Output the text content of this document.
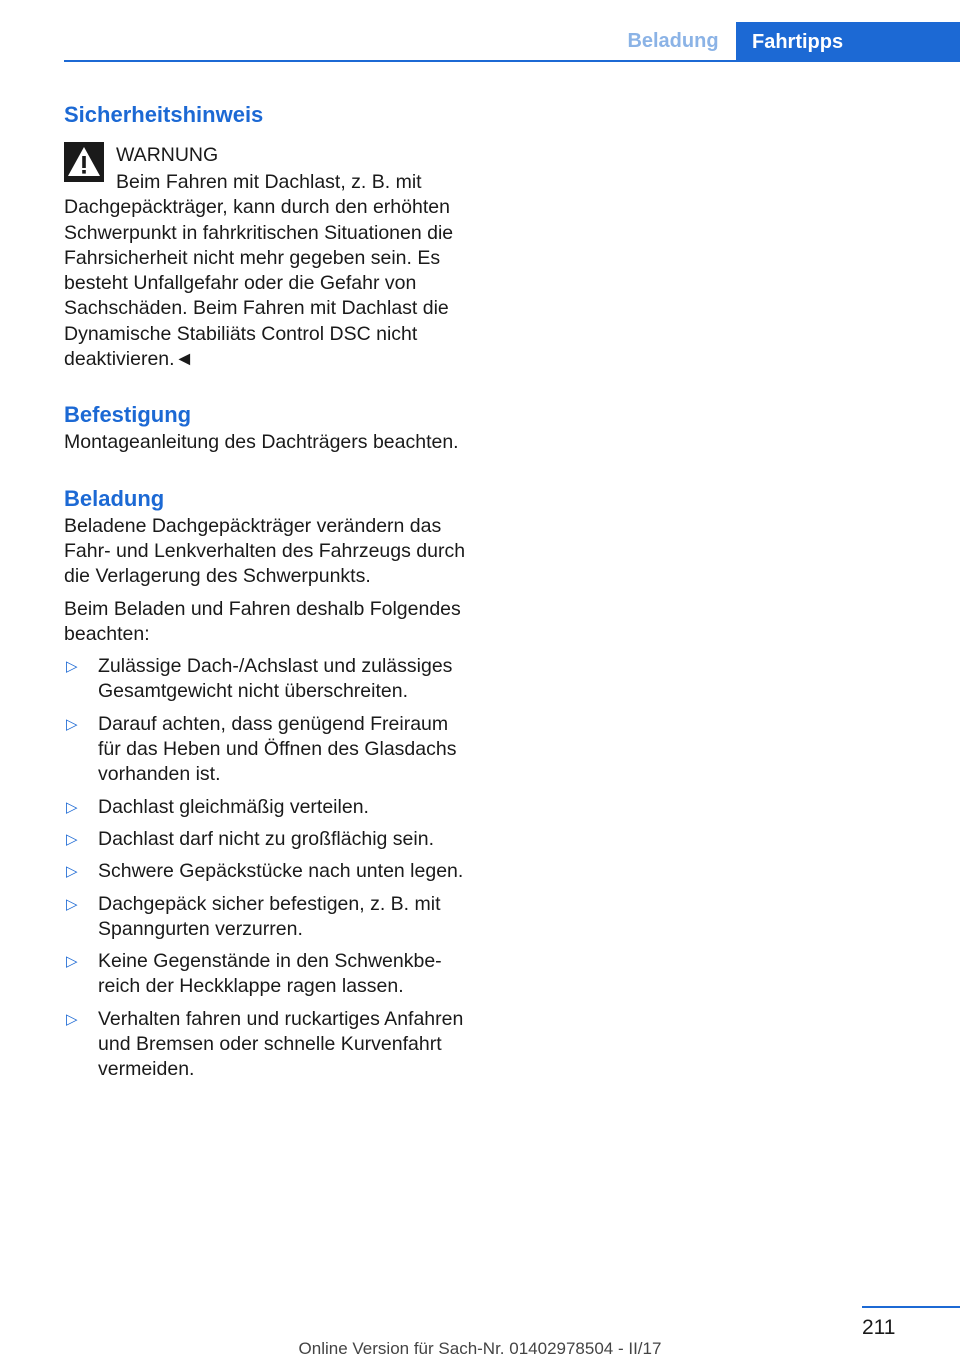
Beladung	Fahrtipps
Sicherheitshinweis

WARNUNG

Beim Fahren mit Dachlast, z. B. mit Dachgepäckträger, kann durch den erhöhten Schwerpunkt in fahrkritischen Situationen die Fahrsicherheit nicht mehr gegeben sein. Es besteht Unfallgefahr oder die Gefahr von Sachschäden. Beim Fahren mit Dachlast die Dynamische Stabiliäts Control DSC nicht deaktivieren.◄

Befestigung

Montageanleitung des Dachträgers beachten.

Beladung

Beladene Dachgepäckträger verändern das Fahr- und Lenkverhalten des Fahrzeugs durch die Verlagerung des Schwerpunkts.

Beim Beladen und Fahren deshalb Folgendes beachten:

▷	Zulässige Dach-/Achslast und zulässiges Gesamtgewicht nicht überschreiten.
▷	Darauf achten, dass genügend Freiraum für das Heben und Öffnen des Glasdachs vorhanden ist.
▷	Dachlast gleichmäßig verteilen.
▷	Dachlast darf nicht zu großflächig sein.
▷	Schwere Gepäckstücke nach unten legen.
▷	Dachgepäck sicher befestigen, z. B. mit Spanngurten verzurren.
▷	Keine Gegenstände in den Schwenkbe‐ reich der Heckklappe ragen lassen.
▷	Verhalten fahren und ruckartiges Anfahren und Bremsen oder schnelle Kurvenfahrt vermeiden.
211
Online Version für Sach-Nr. 01402978504 - II/17
